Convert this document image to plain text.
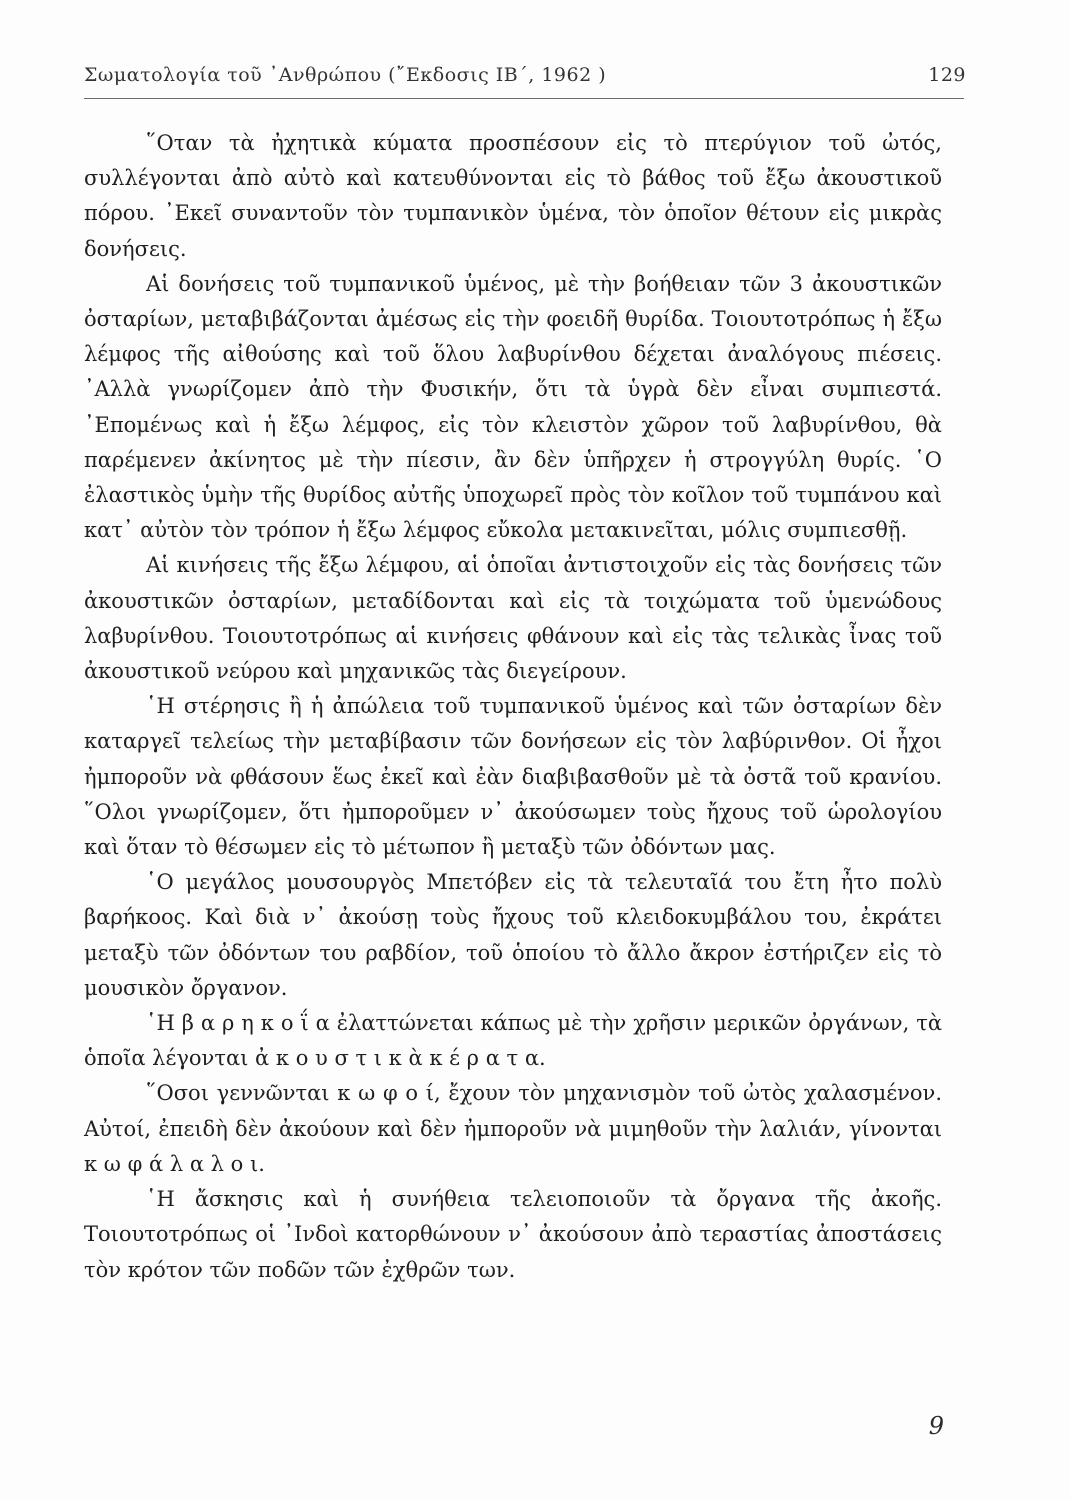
Σωματολογία τοῦ ᾿Ανθρώπου (῎Εκδοσις ΙΒ΄, 1962 )	129

῞Οταν τὰ ἠχητικὰ κύματα προσπέσουν εἰς τὸ πτερύγιον τοῦ ὠτός, συλλέγονται ἀπὸ αὐτὸ καὶ κατευθύνονται εἰς τὸ βάθος τοῦ ἔξω ἀκουστικοῦ πόρου. ᾿Εκεῖ συναντοῦν τὸν τυμπανικὸν ὑμένα, τὸν ὁποῖον θέτουν εἰς μικρὰς δονήσεις.

Αἱ δονήσεις τοῦ τυμπανικοῦ ὑμένος, μὲ τὴν βοήθειαν τῶν 3 ἀκουστικῶν ὀσταρίων, μεταβιβάζονται ἀμέσως εἰς τὴν φοειδῆ θυρίδα. Τοιουτοτρόπως ἡ ἔξω λέμφος τῆς αἰθούσης καὶ τοῦ ὅλου λαβυρίνθου δέχεται ἀναλόγους πιέσεις. ᾿Αλλὰ γνωρίζομεν ἀπὸ τὴν Φυσικήν, ὅτι τὰ ὑγρὰ δὲν εἶναι συμπιεστά. ᾿Επομένως καὶ ἡ ἔξω λέμφος, εἰς τὸν κλειστὸν χῶρον τοῦ λαβυρίνθου, θὰ παρέμενεν ἀκίνητος μὲ τὴν πίεσιν, ἂν δὲν ὑπῆρχεν ἡ στρογγύλη θυρίς. ῾Ο ἐλαστικὸς ὑμὴν τῆς θυρίδος αὐτῆς ὑποχωρεῖ πρὸς τὸν κοῖλον τοῦ τυμπάνου καὶ κατ᾿ αὐτὸν τὸν τρόπον ἡ ἔξω λέμφος εὔκολα μετακινεῖται, μόλις συμπιεσθῇ.

Αἱ κινήσεις τῆς ἔξω λέμφου, αἱ ὁποῖαι ἀντιστοιχοῦν εἰς τὰς δονήσεις τῶν ἀκουστικῶν ὀσταρίων, μεταδίδονται καὶ εἰς τὰ τοιχώματα τοῦ ὑμενώδους λαβυρίνθου. Τοιουτοτρόπως αἱ κινήσεις φθάνουν καὶ εἰς τὰς τελικὰς ἶνας τοῦ ἀκουστικοῦ νεύρου καὶ μηχανικῶς τὰς διεγείρουν.

῾Η στέρησις ἢ ἡ ἀπώλεια τοῦ τυμπανικοῦ ὑμένος καὶ τῶν ὀσταρίων δὲν καταργεῖ τελείως τὴν μεταβίβασιν τῶν δονήσεων εἰς τὸν λαβύρινθον. Οἱ ἦχοι ἠμποροῦν νὰ φθάσουν ἕως ἐκεῖ καὶ ἐὰν διαβιβασθοῦν μὲ τὰ ὀστᾶ τοῦ κρανίου. ῞Ολοι γνωρίζομεν, ὅτι ἠμποροῦμεν ν᾿ ἀκούσωμεν τοὺς ἤχους τοῦ ὡρολογίου καὶ ὅταν τὸ θέσωμεν εἰς τὸ μέτωπον ἢ μεταξὺ τῶν ὀδόντων μας.

῾Ο μεγάλος μουσουργὸς Μπετόβεν εἰς τὰ τελευταῖά του ἔτη ἦτο πολὺ βαρήκοος. Καὶ διὰ ν᾿ ἀκούσῃ τοὺς ἤχους τοῦ κλειδοκυμβάλου του, ἐκράτει μεταξὺ τῶν ὀδόντων του ραβδίον, τοῦ ὁποίου τὸ ἄλλο ἄκρον ἐστήριζεν εἰς τὸ μουσικὸν ὄργανον.

῾Η β α ρ η κ ο ΐ α ἐλαττώνεται κάπως μὲ τὴν χρῆσιν μερικῶν ὀργάνων, τὰ ὁποῖα λέγονται ἀ κ ο υ σ τ ι κ ὰ κ έ ρ α τ α.

῞Οσοι γεννῶνται κ ω φ ο ί, ἔχουν τὸν μηχανισμὸν τοῦ ὠτὸς χαλασμένον. Αὐτοί, ἐπειδὴ δὲν ἀκούουν καὶ δὲν ἠμποροῦν νὰ μιμηθοῦν τὴν λαλιάν, γίνονται κ ω φ ά λ α λ ο ι.

῾Η ἄσκησις καὶ ἡ συνήθεια τελειοποιοῦν τὰ ὄργανα τῆς ἀκοῆς. Τοιουτοτρόπως οἱ ᾿Ινδοὶ κατορθώνουν ν᾿ ἀκούσουν ἀπὸ τεραστίας ἀποστάσεις τὸν κρότον τῶν ποδῶν τῶν ἐχθρῶν των.

9
